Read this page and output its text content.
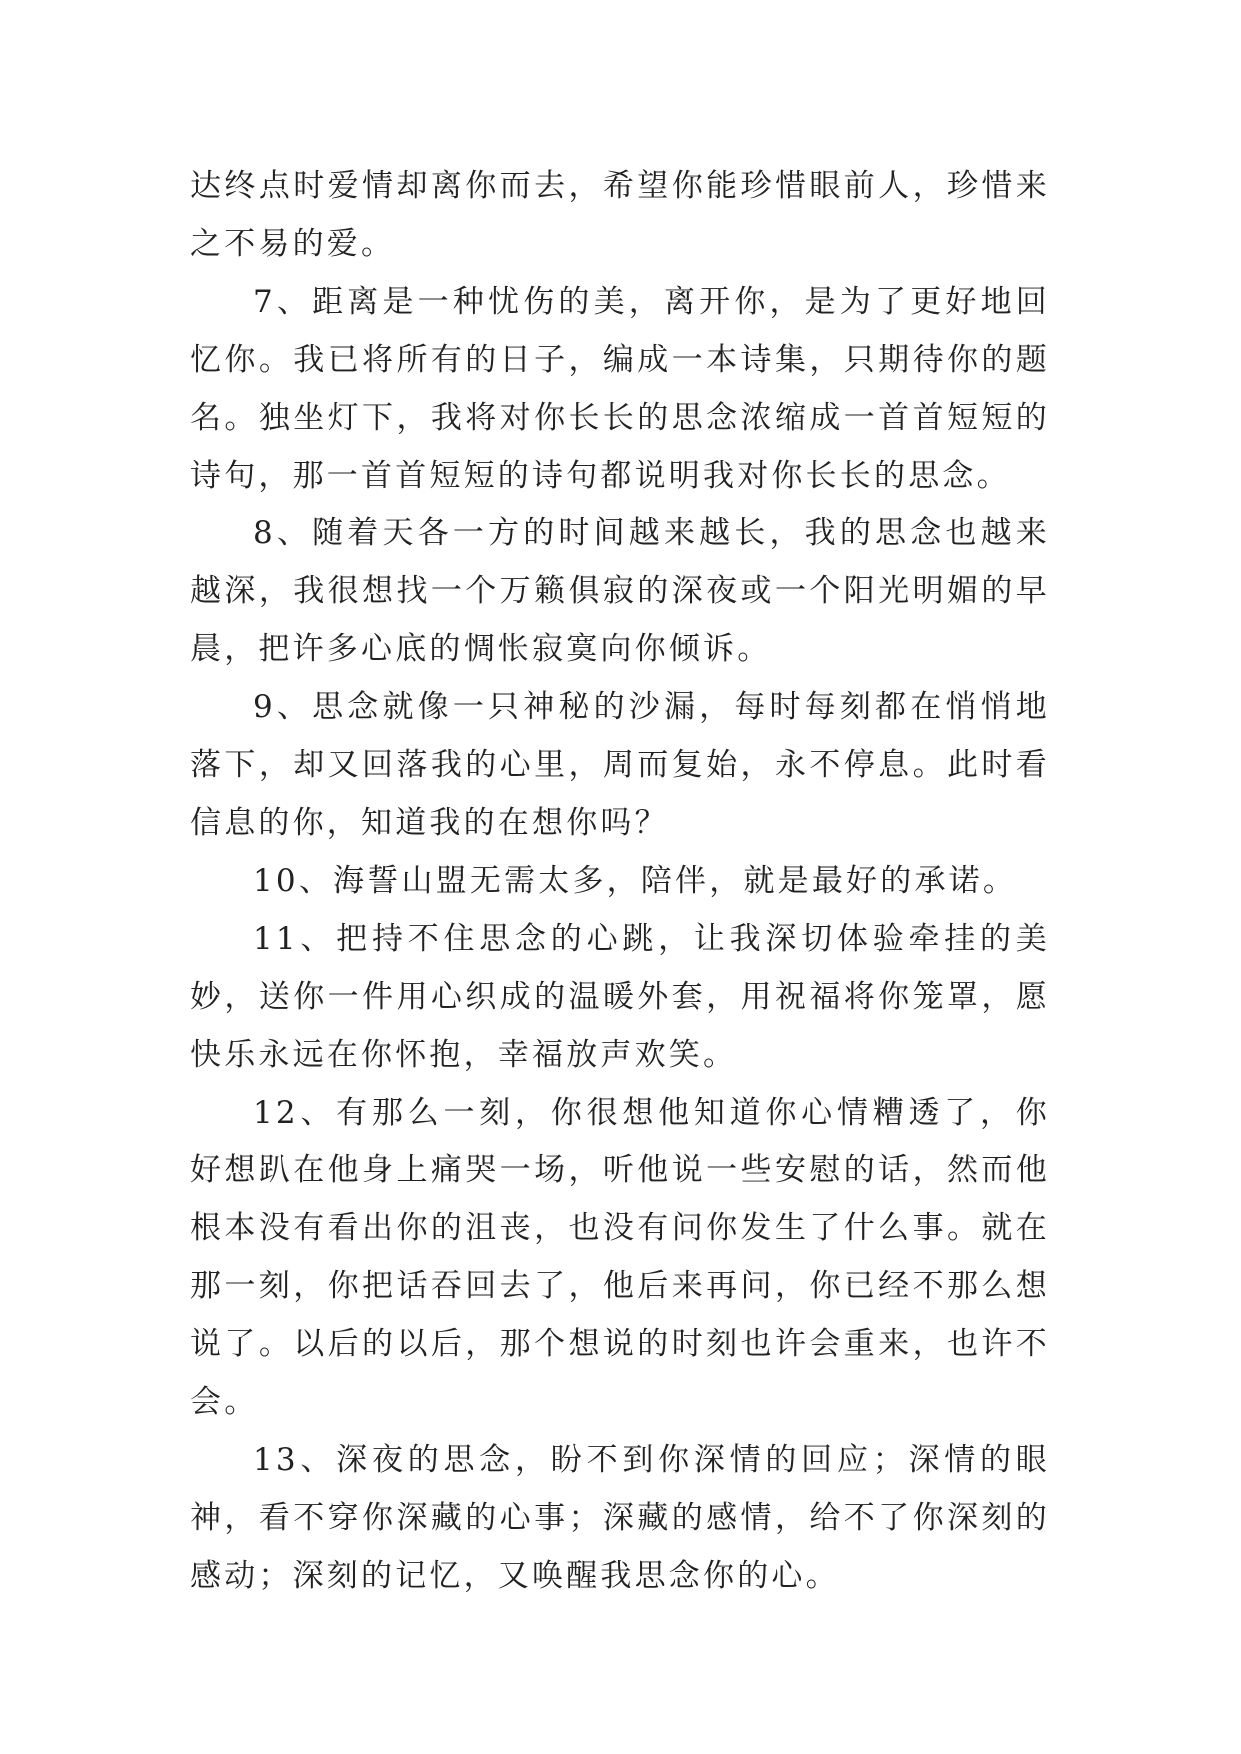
达终点时爱情却离你而去，希望你能珍惜眼前人，珍惜来之不易的爱。

7、距离是一种忧伤的美，离开你，是为了更好地回忆你。我已将所有的日子，编成一本诗集，只期待你的题名。独坐灯下，我将对你长长的思念浓缩成一首首短短的诗句，那一首首短短的诗句都说明我对你长长的思念。

8、随着天各一方的时间越来越长，我的思念也越来越深，我很想找一个万籁俱寂的深夜或一个阳光明媚的早晨，把许多心底的惆怅寂寞向你倾诉。

9、思念就像一只神秘的沙漏，每时每刻都在悄悄地落下，却又回落我的心里，周而复始，永不停息。此时看信息的你，知道我的在想你吗？

10、海誓山盟无需太多，陪伴，就是最好的承诺。

11、把持不住思念的心跳，让我深切体验牵挂的美妙，送你一件用心织成的温暖外套，用祝福将你笼罩，愿快乐永远在你怀抱，幸福放声欢笑。

12、有那么一刻，你很想他知道你心情糟透了，你好想趴在他身上痛哭一场，听他说一些安慰的话，然而他根本没有看出你的沮丧，也没有问你发生了什么事。就在那一刻，你把话吞回去了，他后来再问，你已经不那么想说了。以后的以后，那个想说的时刻也许会重来，也许不会。

13、深夜的思念，盼不到你深情的回应；深情的眼神，看不穿你深藏的心事；深藏的感情，给不了你深刻的感动；深刻的记忆，又唤醒我思念你的心。
